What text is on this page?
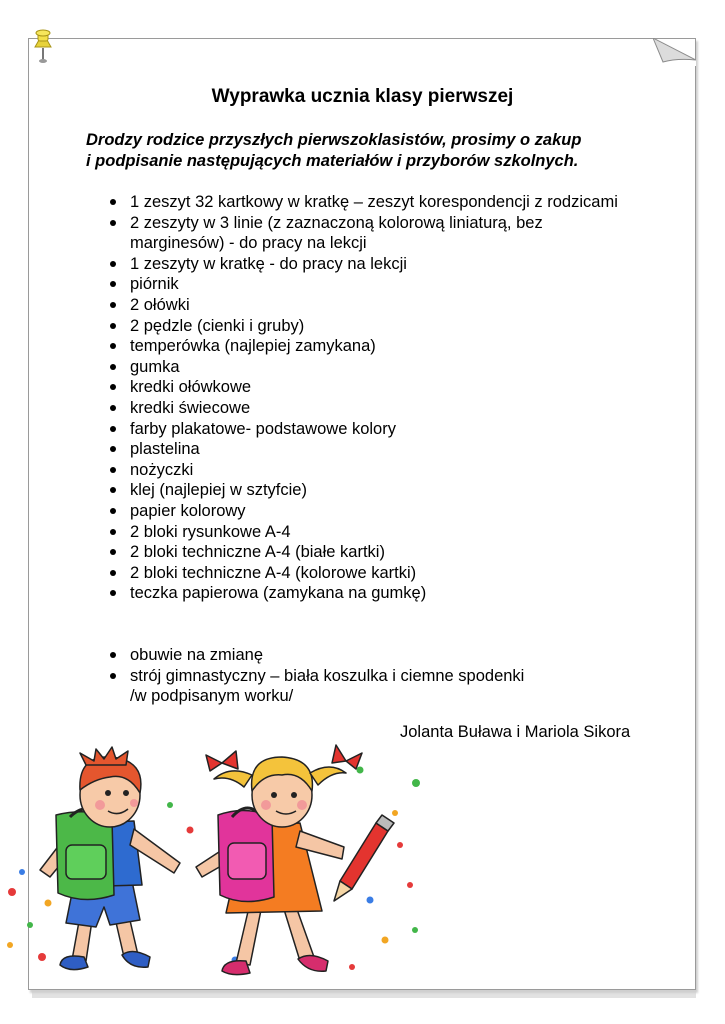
Wyprawka ucznia klasy pierwszej

Drodzy rodzice przyszłych pierwszoklasistów, prosimy o zakup
i podpisanie następujących materiałów i przyborów szkolnych.

1 zeszyt 32 kartkowy w kratkę – zeszyt korespondencji z rodzicami
2 zeszyty w 3 linie (z zaznaczoną kolorową liniaturą, bez
marginesów) - do pracy na lekcji
1 zeszyty w kratkę - do pracy na lekcji
piórnik
2 ołówki
2 pędzle (cienki i gruby)
temperówka (najlepiej zamykana)
gumka
kredki ołówkowe
kredki świecowe
farby plakatowe- podstawowe kolory
plastelina
nożyczki
klej (najlepiej w sztyfcie)
papier kolorowy
2 bloki rysunkowe A-4
2 bloki techniczne A-4 (białe kartki)
2 bloki techniczne A-4 (kolorowe kartki)
teczka papierowa (zamykana na gumkę)
obuwie na zmianę
strój gimnastyczny – biała koszulka i ciemne spodenki
/w podpisanym worku/
Jolanta Buława i Mariola Sikora
